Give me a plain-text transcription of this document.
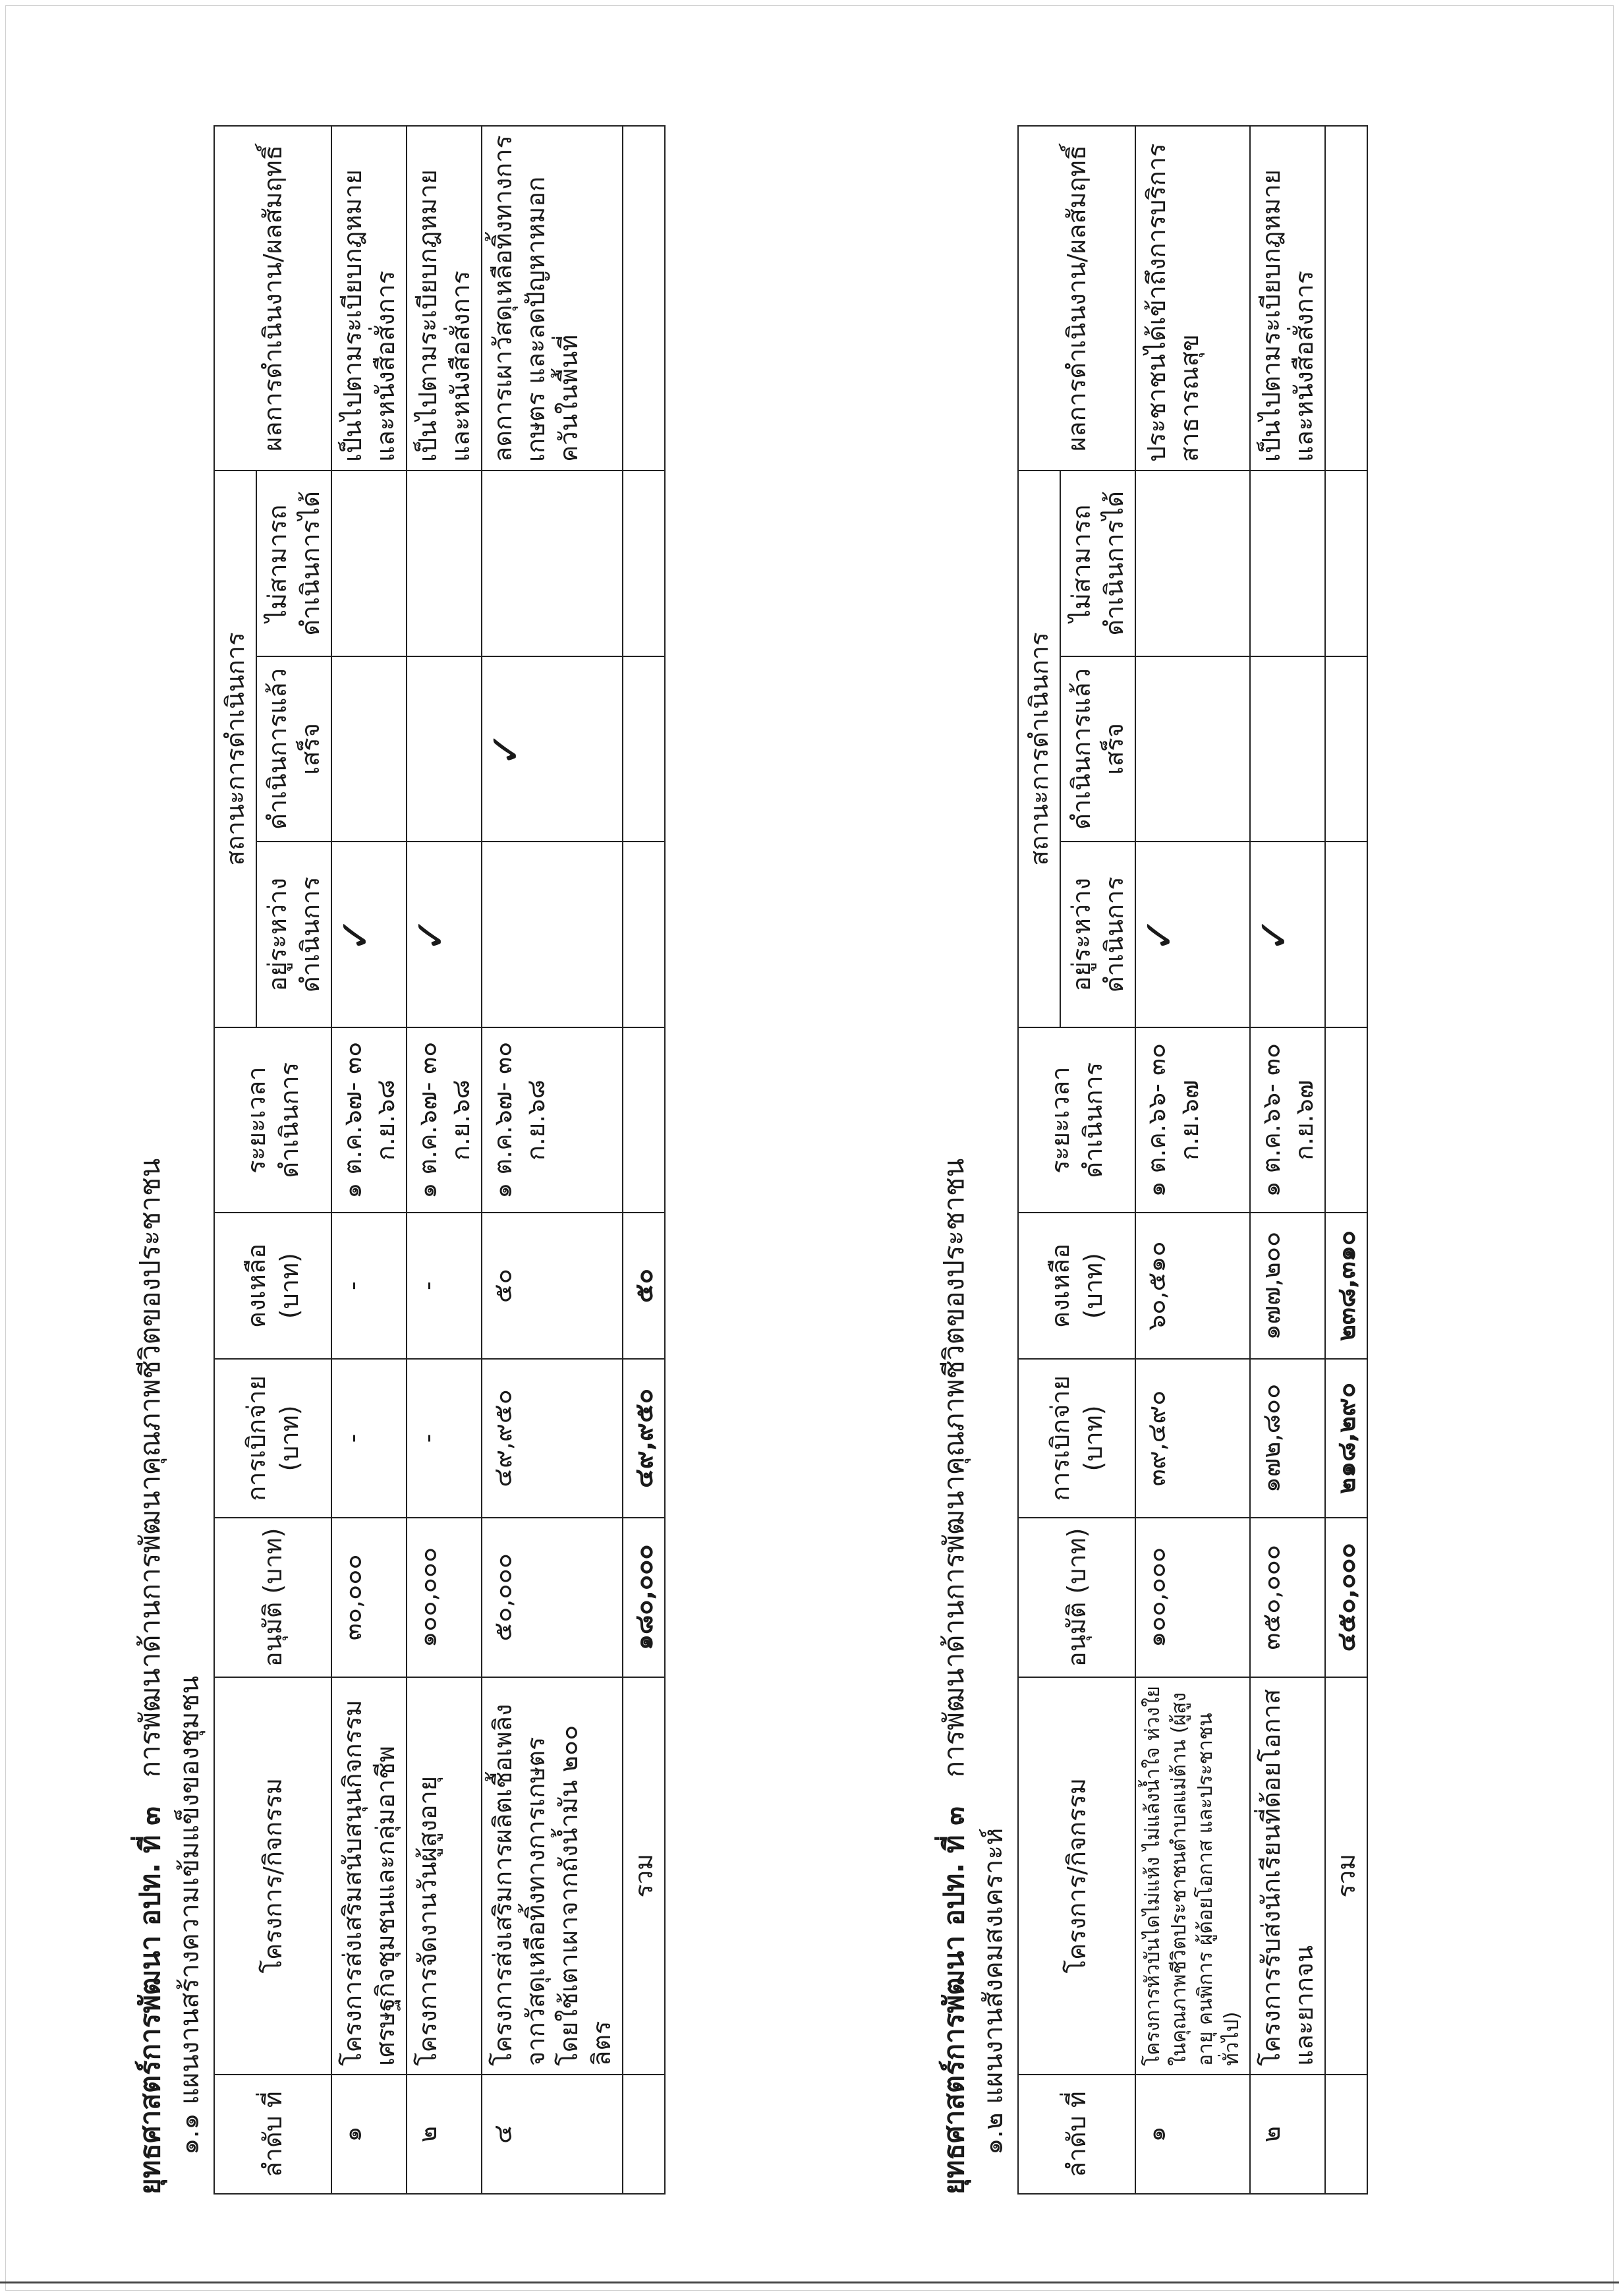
ยุทธศาสตร์การพัฒนา อปท. ที่ ๓   การพัฒนาด้านการพัฒนาคุณภาพชีวิตของประชาชน
๑.๑ แผนงานสร้างความเข้มแข็งของชุมชน ลำดับ ที่	โครงการ/กิจกรรม	อนุมัติ (บาท)	การเบิกจ่าย (บาท)	คงเหลือ (บาท)	ระยะเวลา ดำเนินการ	สถานะการดำเนินการ			ผลการดำเนินงาน/ผลสัมฤทธิ์
						อยู่ระหว่าง ดำเนินการ	ดำเนินการแล้ว เสร็จ	ไม่สามารถ ดำเนินการได้	
๑	โครงการส่งเสริมสนับสนุนกิจกรรมเศรษฐกิจชุมชนและกลุ่มอาชีพ	๓๐,๐๐๐	-	-	๑ ต.ค.๖๗- ๓๐ ก.ย.๖๘	✓			เป็นไปตามระเบียบกฎหมาย และหนังสือสั่งการ
๒	โครงการจัดงานวันผู้สูงอายุ	๑๐๐,๐๐๐	-	-	๑ ต.ค.๖๗- ๓๐ ก.ย.๖๘	✓			เป็นไปตามระเบียบกฎหมาย และหนังสือสั่งการ
๔	โครงการส่งเสริมการผลิตเชื้อเพลิงจากวัสดุเหลือทิ้งทางการเกษตร โดยใช้เตาเผาจากถังน้ำมัน ๒๐๐ ลิตร	๕๐,๐๐๐	๔๙,๙๕๐	๕๐	๑ ต.ค.๖๗- ๓๐ ก.ย.๖๘		✓		ลดการเผาวัสดุเหลือทิ้งทางการเกษตร และลดปัญหาหมอกควันในพื้นที่
	รวม	๑๘๐,๐๐๐	๔๙,๙๕๐	๕๐					
ยุทธศาสตร์การพัฒนา อปท. ที่ ๓   การพัฒนาด้านการพัฒนาคุณภาพชีวิตของประชาชน
๑.๒ แผนงานสังคมสงเคราะห์ ลำดับ ที่	โครงการ/กิจกรรม	อนุมัติ (บาท)	การเบิกจ่าย (บาท)	คงเหลือ (บาท)	ระยะเวลา ดำเนินการ	สถานะการดำเนินการ			ผลการดำเนินงาน/ผลสัมฤทธิ์
						อยู่ระหว่าง ดำเนินการ	ดำเนินการแล้ว เสร็จ	ไม่สามารถ ดำเนินการได้	
๑	โครงการหัวบันไดไม่แห้ง ไม่แล้งน้ำใจ ห่วงใยในคุณภาพชีวิตประชาชนตำบลแม่ต้าน (ผู้สูงอายุ คนพิการ ผู้ด้อยโอกาส และประชาชนทั่วไป)	๑๐๐,๐๐๐	๓๙,๔๙๐	๖๐,๕๑๐	๑ ต.ค.๖๖- ๓๐ ก.ย.๖๗	✓			ประชาชนได้เข้าถึงการบริการสาธารณสุข
๒	โครงการรับส่งนักเรียนที่ด้อยโอกาสและยากจน	๓๕๐,๐๐๐	๑๗๒,๘๐๐	๑๗๗,๒๐๐	๑ ต.ค.๖๖- ๓๐ ก.ย.๖๗	✓			เป็นไปตามระเบียบกฎหมาย และหนังสือสั่งการ
	รวม	๔๕๐,๐๐๐	๒๑๘,๒๙๐	๒๓๘,๓๑๐					
